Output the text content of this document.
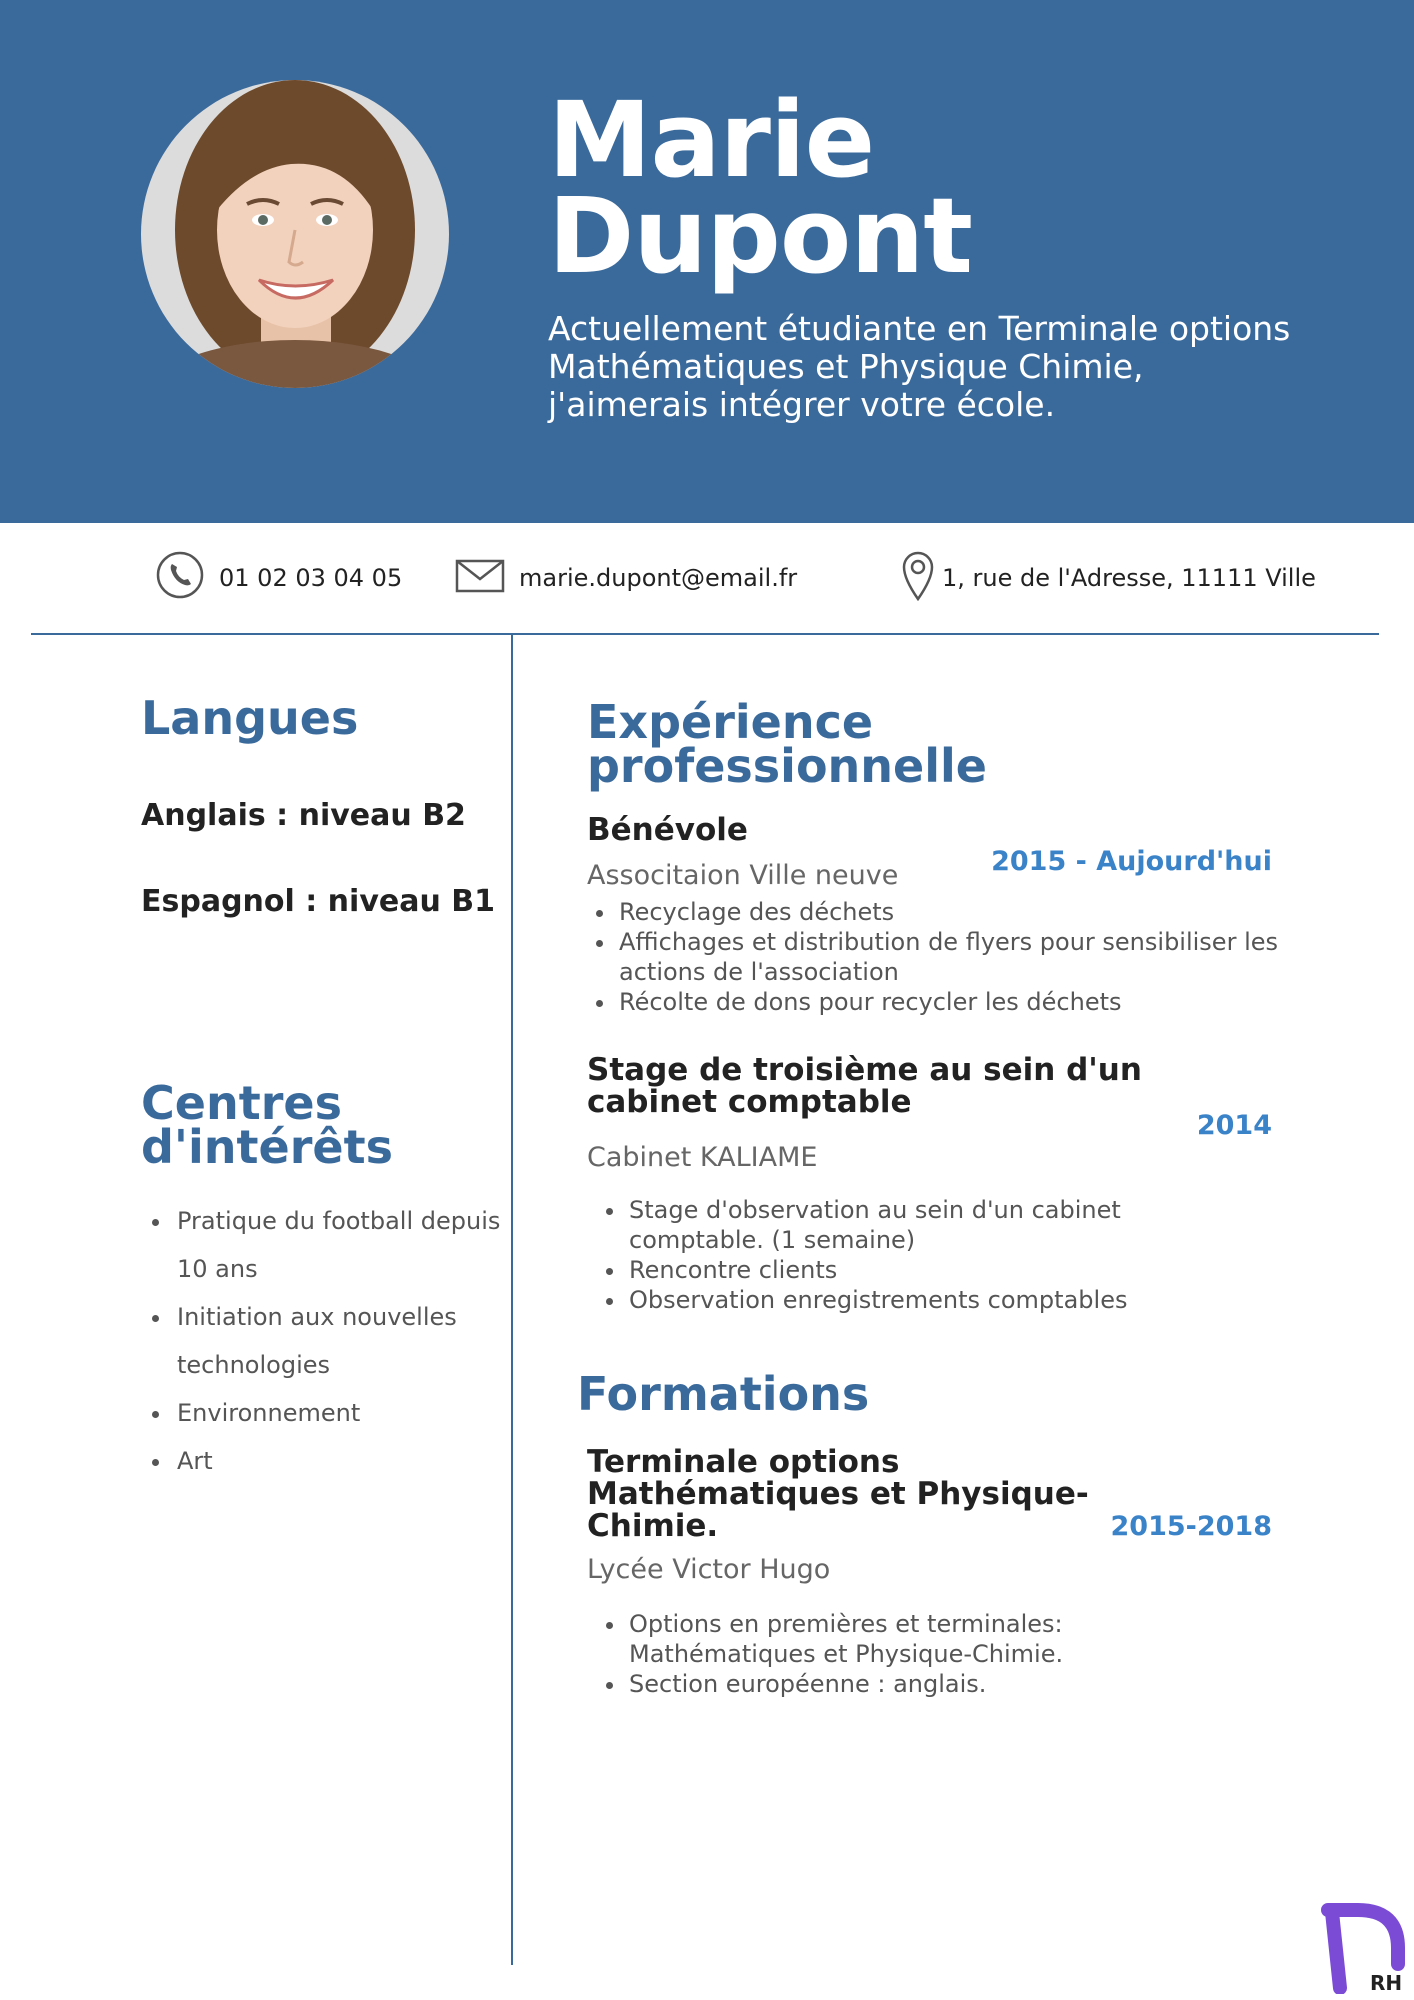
Marie
Dupont
Actuellement étudiante en Terminale options Mathématiques et Physique Chimie, j'aimerais intégrer votre école.
01 02 03 04 05	marie.dupont@email.fr	1, rue de l'Adresse, 11111 Ville
Langues
Anglais : niveau B2
Espagnol : niveau B1
Centres d'intérêts
• Pratique du football depuis 10 ans
• Initiation aux nouvelles technologies
• Environnement
• Art
Expérience professionnelle
Bénévole
Associtaion Ville neuve
• Recyclage des déchets
• Affichages et distribution de flyers pour sensibiliser les actions de l'association
• Récolte de dons pour recycler les déchets
2015 - Aujourd'hui
Stage de troisième au sein d'un cabinet comptable
Cabinet KALIAME
• Stage d'observation au sein d'un cabinet comptable. (1 semaine)
• Rencontre clients
• Observation enregistrements comptables
2014
Formations
Terminale options Mathématiques et Physique-Chimie.
Lycée Victor Hugo
• Options en premières et terminales: Mathématiques et Physique-Chimie.
• Section européenne : anglais.
2015-2018
RH
